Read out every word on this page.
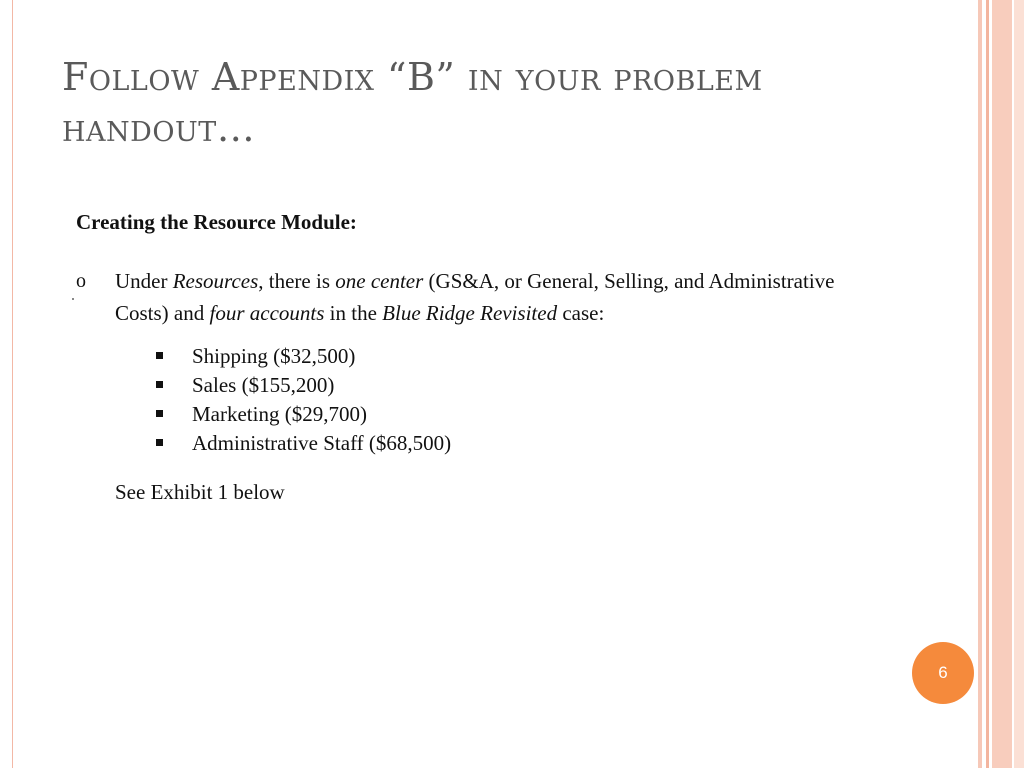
Follow Appendix “B” in your problem handout…
Creating the Resource Module:
o Under Resources, there is one center (GS&A, or General, Selling, and Administrative Costs) and four accounts in the Blue Ridge Revisited case:
Shipping ($32,500)
Sales ($155,200)
Marketing ($29,700)
Administrative Staff ($68,500)
See Exhibit 1 below
6
